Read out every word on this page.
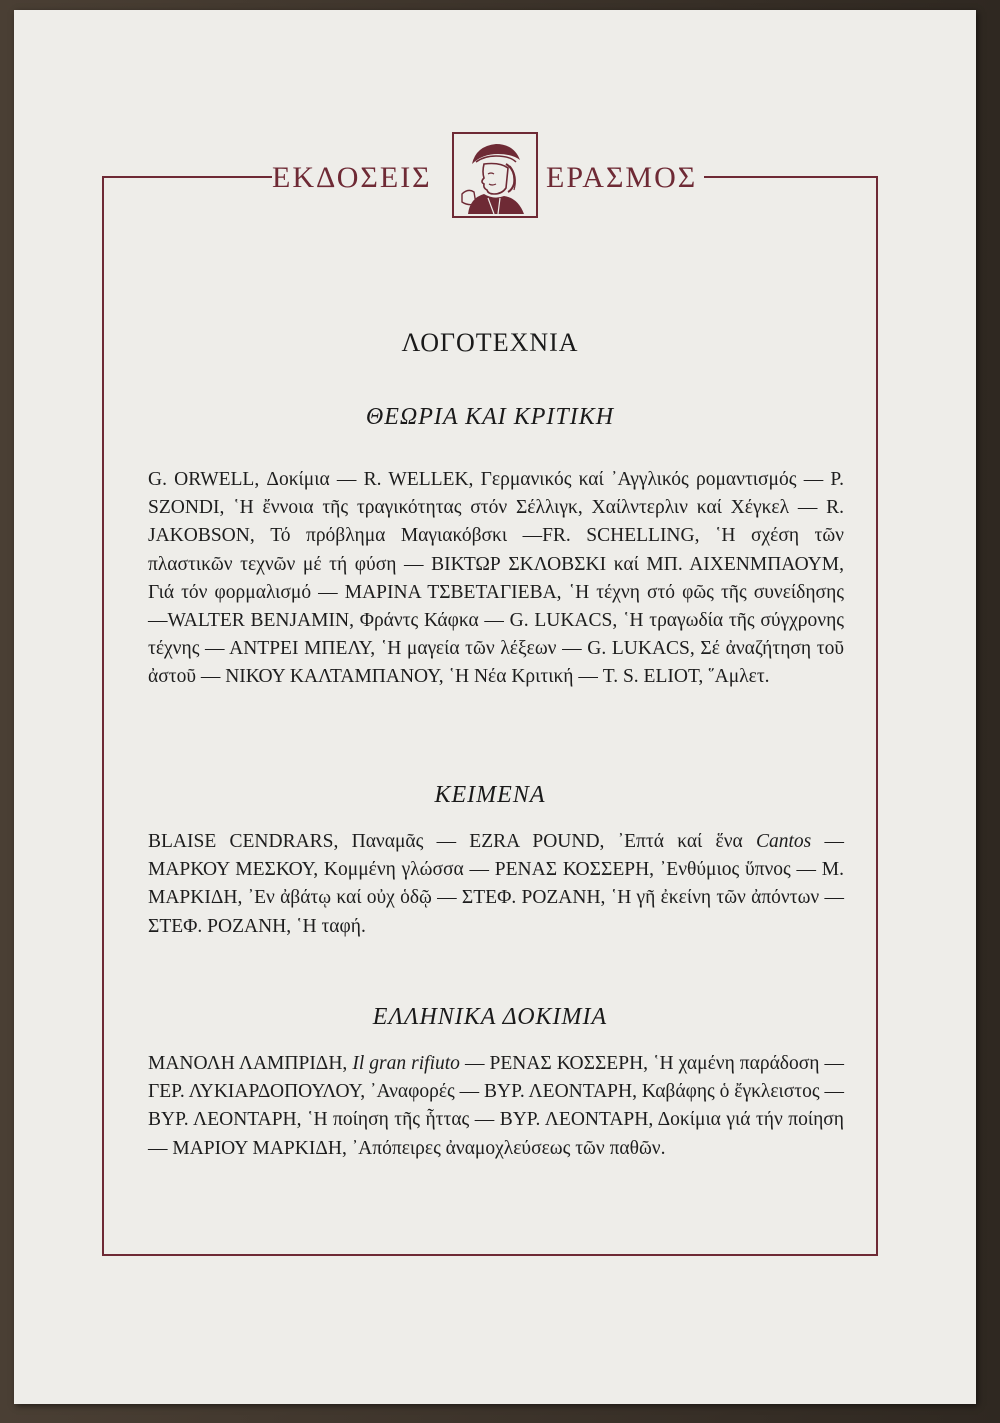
ΕΚΔΟΣΕΙΣ	ΕΡΑΣΜΟΣ
ΛΟΓΟΤΕΧΝΙΑ
ΘΕΩΡΙΑ ΚΑΙ ΚΡΙΤΙΚΗ

G. ORWELL, Δοκίμια — R. WELLEK, Γερμανικός καί ᾿Αγγλικός ρομαντισμός — P. SZONDI, ῾Η ἔννοια τῆς τραγικότητας στόν Σέλλιγκ, Χαίλντερλιν καί Χέγκελ — R. JAKOBSON, Τό πρόβλημα Μαγιακόβσκι —FR. SCHELLING, ῾Η σχέση τῶν πλαστικῶν τεχνῶν μέ τή φύση — ΒΙΚΤΩΡ ΣΚΛΟΒΣΚΙ καί ΜΠ. ΑΙΧΕΝΜΠΑΟΥΜ, Γιά τόν φορμαλισμό — ΜΑΡΙΝΑ ΤΣΒΕΤΑΓΙΕΒΑ, ῾Η τέχνη στό φῶς τῆς συνείδησης —WALTER BENJAMIN, Φράντς Κάφκα — G. LUKACS, ῾Η τραγωδία τῆς σύγχρονης τέχνης — ΑΝΤΡΕΙ ΜΠΕΛΥ, ῾Η μαγεία τῶν λέξεων — G. LUKACS, Σέ ἀναζήτηση τοῦ ἀστοῦ — ΝΙΚΟΥ ΚΑΛΤΑΜΠΑΝΟΥ, ῾Η Νέα Κριτική — T. S. ELIOT, ῞Αμλετ.

ΚΕΙΜΕΝΑ

BLAISE CENDRARS, Παναμᾶς — EZRA POUND, ᾿Επτά καί ἕνα Cantos — ΜΑΡΚΟΥ ΜΕΣΚΟΥ, Κομμένη γλώσσα — ΡΕΝΑΣ ΚΟΣΣΕΡΗ, ᾿Ενθύμιος ὕπνος — Μ. ΜΑΡΚΙΔΗ, ᾿Εν ἀβάτῳ καί οὐχ ὁδῷ — ΣΤΕΦ. ΡΟΖΑΝΗ, ῾Η γῆ ἐκείνη τῶν ἀπόντων — ΣΤΕΦ. ΡΟΖΑΝΗ, ῾Η ταφή.

ΕΛΛΗΝΙΚΑ ΔΟΚΙΜΙΑ

ΜΑΝΟΛΗ ΛΑΜΠΡΙΔΗ, Il gran rifiuto — ΡΕΝΑΣ ΚΟΣΣΕΡΗ, ῾Η χαμένη παράδοση — ΓΕΡ. ΛΥΚΙΑΡΔΟΠΟΥΛΟΥ, ᾿Αναφορές — ΒΥΡ. ΛΕΟΝΤΑΡΗ, Καβάφης ὁ ἔγκλειστος — ΒΥΡ. ΛΕΟΝΤΑΡΗ, ῾Η ποίηση τῆς ἧττας — ΒΥΡ. ΛΕΟΝΤΑΡΗ, Δοκίμια γιά τήν ποίηση — ΜΑΡΙΟΥ ΜΑΡΚΙΔΗ, ᾿Απόπειρες ἀναμοχλεύσεως τῶν παθῶν.
